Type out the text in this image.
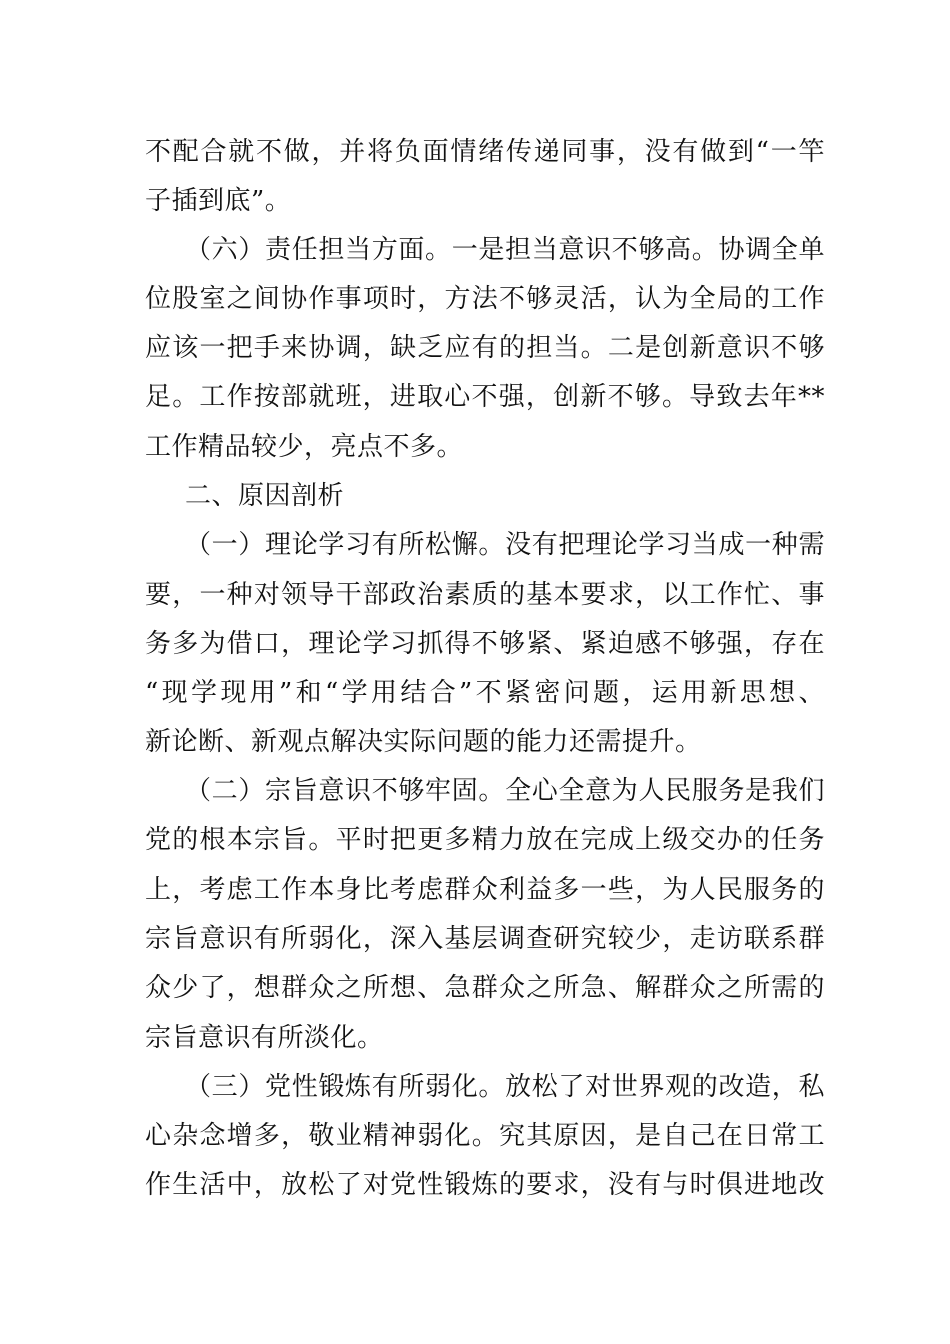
不配合就不做，并将负面情绪传递同事，没有做到“一竿
子插到底”。
（六）责任担当方面。一是担当意识不够高。协调全单
位股室之间协作事项时，方法不够灵活，认为全局的工作
应该一把手来协调，缺乏应有的担当。二是创新意识不够
足。工作按部就班，进取心不强，创新不够。导致去年**
工作精品较少，亮点不多。
二、原因剖析
（一）理论学习有所松懈。没有把理论学习当成一种需
要，一种对领导干部政治素质的基本要求，以工作忙、事
务多为借口，理论学习抓得不够紧、紧迫感不够强，存在
“现学现用”和“学用结合”不紧密问题，运用新思想、
新论断、新观点解决实际问题的能力还需提升。
（二）宗旨意识不够牢固。全心全意为人民服务是我们
党的根本宗旨。平时把更多精力放在完成上级交办的任务
上，考虑工作本身比考虑群众利益多一些，为人民服务的
宗旨意识有所弱化，深入基层调查研究较少，走访联系群
众少了，想群众之所想、急群众之所急、解群众之所需的
宗旨意识有所淡化。
（三）党性锻炼有所弱化。放松了对世界观的改造，私
心杂念增多，敬业精神弱化。究其原因，是自己在日常工
作生活中，放松了对党性锻炼的要求，没有与时俱进地改
